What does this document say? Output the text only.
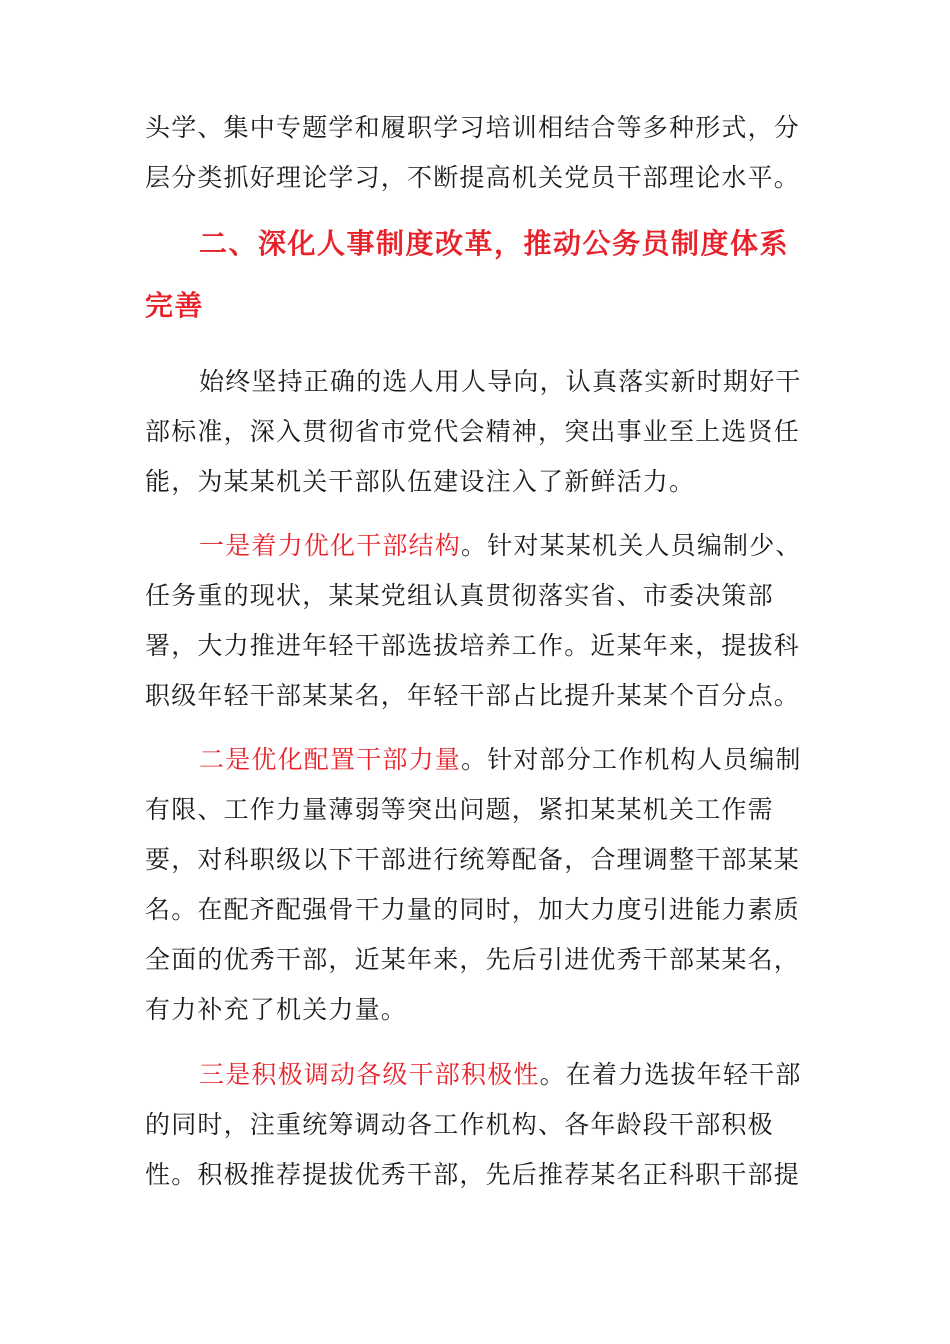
头学、集中专题学和履职学习培训相结合等多种形式，分层分类抓好理论学习，不断提高机关党员干部理论水平。

二、深化人事制度改革，推动公务员制度体系完善

始终坚持正确的选人用人导向，认真落实新时期好干部标准，深入贯彻省市党代会精神，突出事业至上选贤任能，为某某机关干部队伍建设注入了新鲜活力。

一是着力优化干部结构。针对某某机关人员编制少、任务重的现状，某某党组认真贯彻落实省、市委决策部署，大力推进年轻干部选拔培养工作。近某年来，提拔科职级年轻干部某某名，年轻干部占比提升某某个百分点。

二是优化配置干部力量。针对部分工作机构人员编制有限、工作力量薄弱等突出问题，紧扣某某机关工作需要，对科职级以下干部进行统筹配备，合理调整干部某某名。在配齐配强骨干力量的同时，加大力度引进能力素质全面的优秀干部，近某年来，先后引进优秀干部某某名，有力补充了机关力量。

三是积极调动各级干部积极性。在着力选拔年轻干部的同时，注重统筹调动各工作机构、各年龄段干部积极性。积极推荐提拔优秀干部，先后推荐某名正科职干部提
